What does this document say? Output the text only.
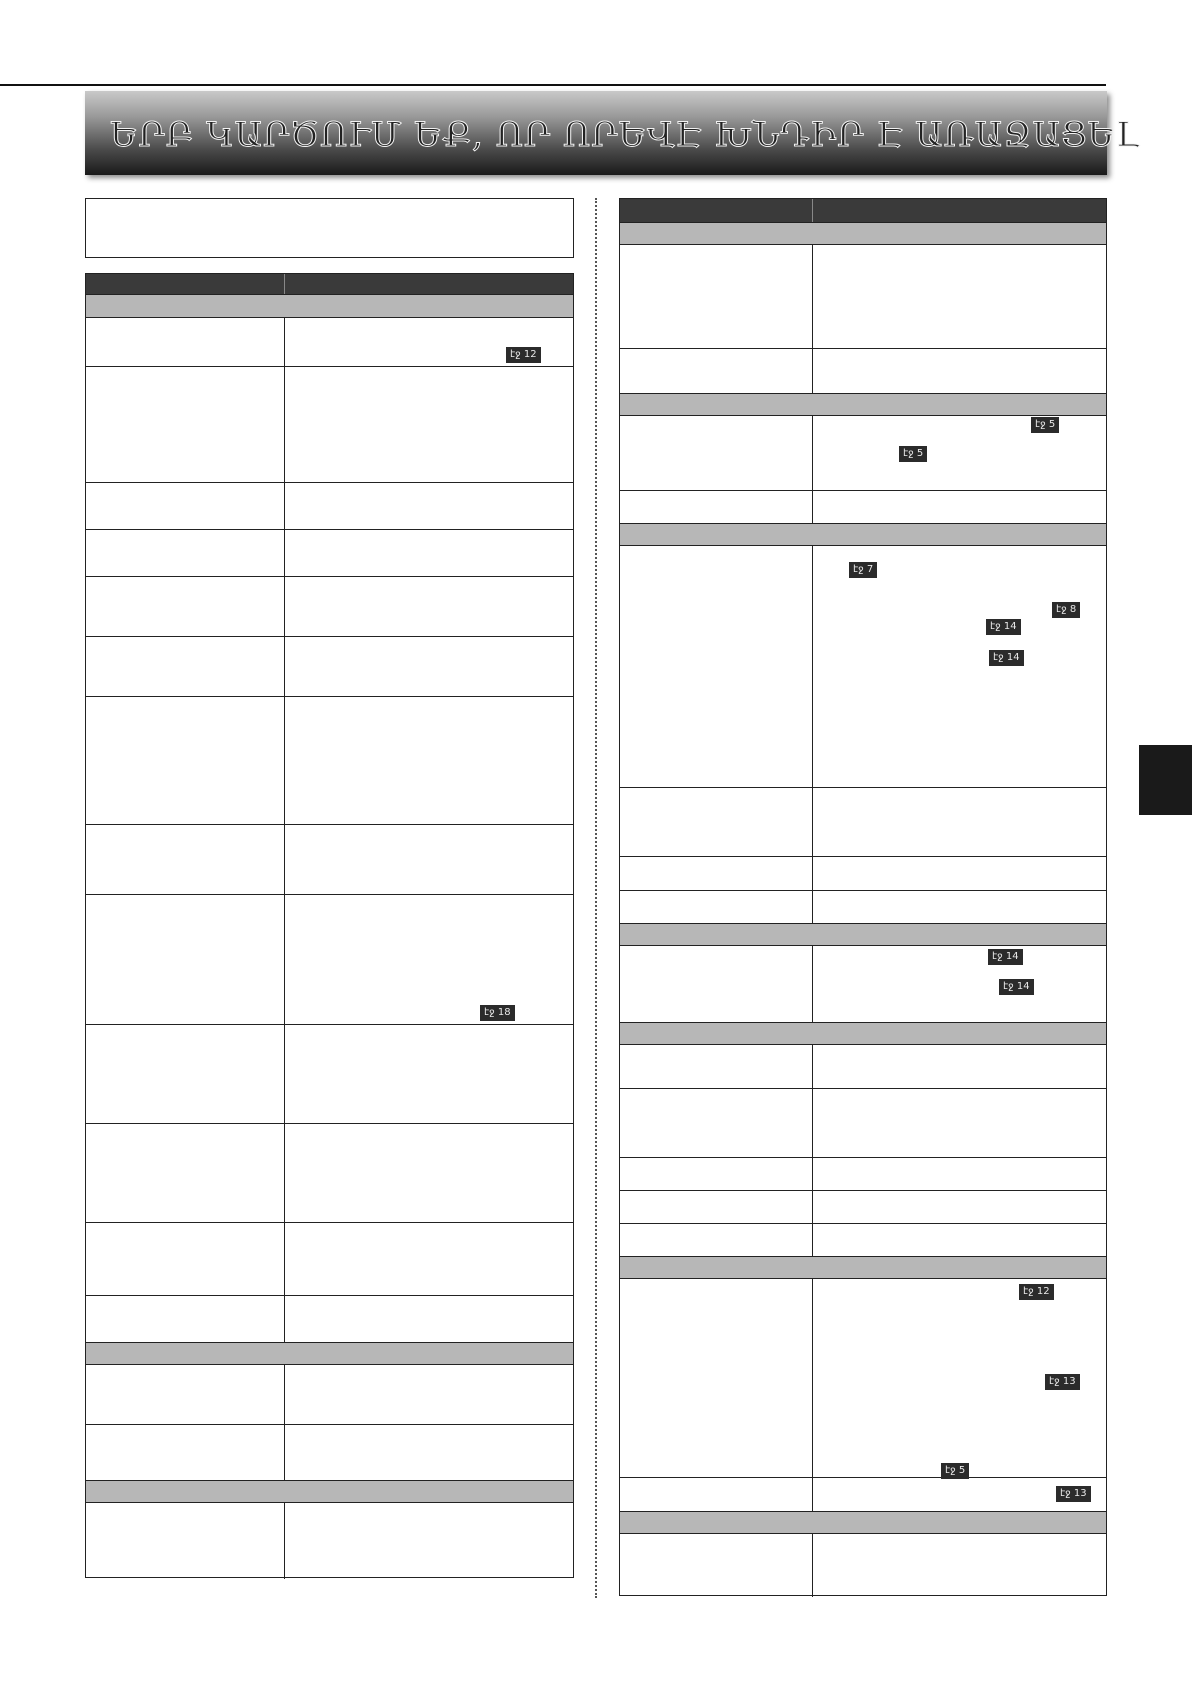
ԵՐԲ ԿԱՐԾՈՒՄ ԵՔ, ՈՐ ՈՐԵՎԷ ԽՆԴԻՐ Է ԱՌԱՋԱՑԵԼ
էջ 12
էջ 18
էջ 5
էջ 5
էջ 7
էջ 8
էջ 14
էջ 14
էջ 14
էջ 14
էջ 12
էջ 13
էջ 5
էջ 13
